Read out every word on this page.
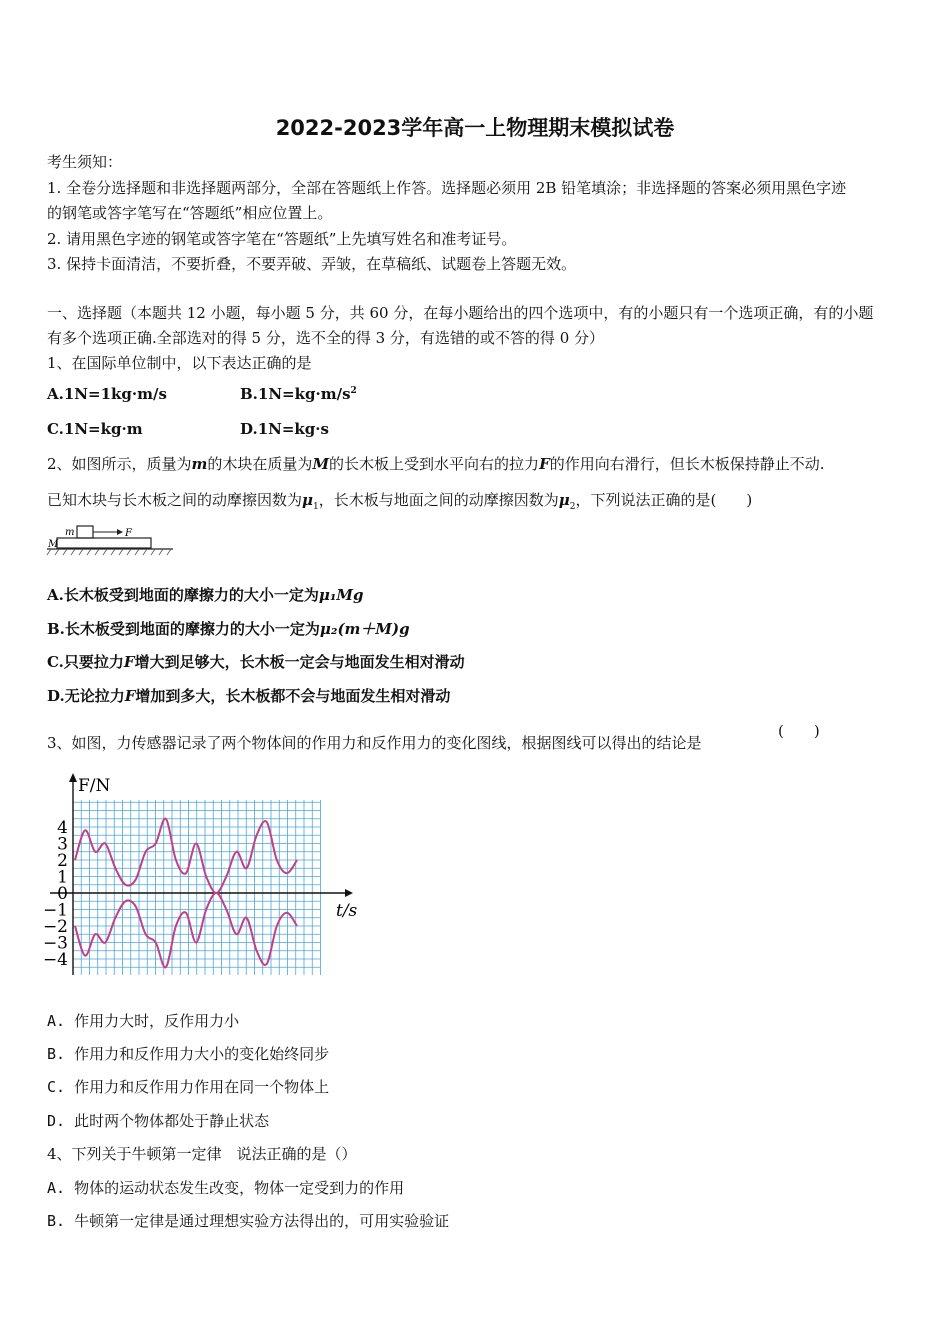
2022-2023学年高一上物理期末模拟试卷
考生须知：
1. 全卷分选择题和非选择题两部分，全部在答题纸上作答。选择题必须用 2B 铅笔填涂；非选择题的答案必须用黑色字迹
的钢笔或答字笔写在“答题纸”相应位置上。
2. 请用黑色字迹的钢笔或答字笔在“答题纸”上先填写姓名和准考证号。
3. 保持卡面清洁，不要折叠，不要弄破、弄皱，在草稿纸、试题卷上答题无效。
一、选择题（本题共 12 小题，每小题 5 分，共 60 分，在每小题给出的四个选项中，有的小题只有一个选项正确，有的小题
有多个选项正确.全部选对的得 5 分，选不全的得 3 分，有选错的或不答的得 0 分）
1、在国际单位制中，以下表达正确的是
A.1N=1kg·m/s	$B.1N=kg\cdot m/s^2$
C.1N=kg·m	D.1N=kg·s
2、如图所示，质量为m的木块在质量为M的长木板上受到水平向右的拉力F的作用向右滑行，但长木板保持静止不动.
已知木块与长木板之间的动摩擦因数为$\mu_1$，长木板与地面之间的动摩擦因数为$\mu_2$，下列说法正确的是(　　)
m
M
F
A.长木板受到地面的摩擦力的大小一定为μ₁Mg
B.长木板受到地面的摩擦力的大小一定为μ₂(m＋M)g
C.只要拉力F增大到足够大，长木板一定会与地面发生相对滑动
D.无论拉力F增加到多大，长木板都不会与地面发生相对滑动
3、如图，力传感器记录了两个物体间的作用力和反作用力的变化图线，根据图线可以得出的结论是
(　　)
4
3
2
1
0
−1
−2
−3
−4
F/N
t/s
A. 作用力大时，反作用力小
B. 作用力和反作用力大小的变化始终同步
C. 作用力和反作用力作用在同一个物体上
D. 此时两个物体都处于静止状态
4、下列关于牛顿第一定律　说法正确的是（）
A. 物体的运动状态发生改变，物体一定受到力的作用
B. 牛顿第一定律是通过理想实验方法得出的，可用实验验证
